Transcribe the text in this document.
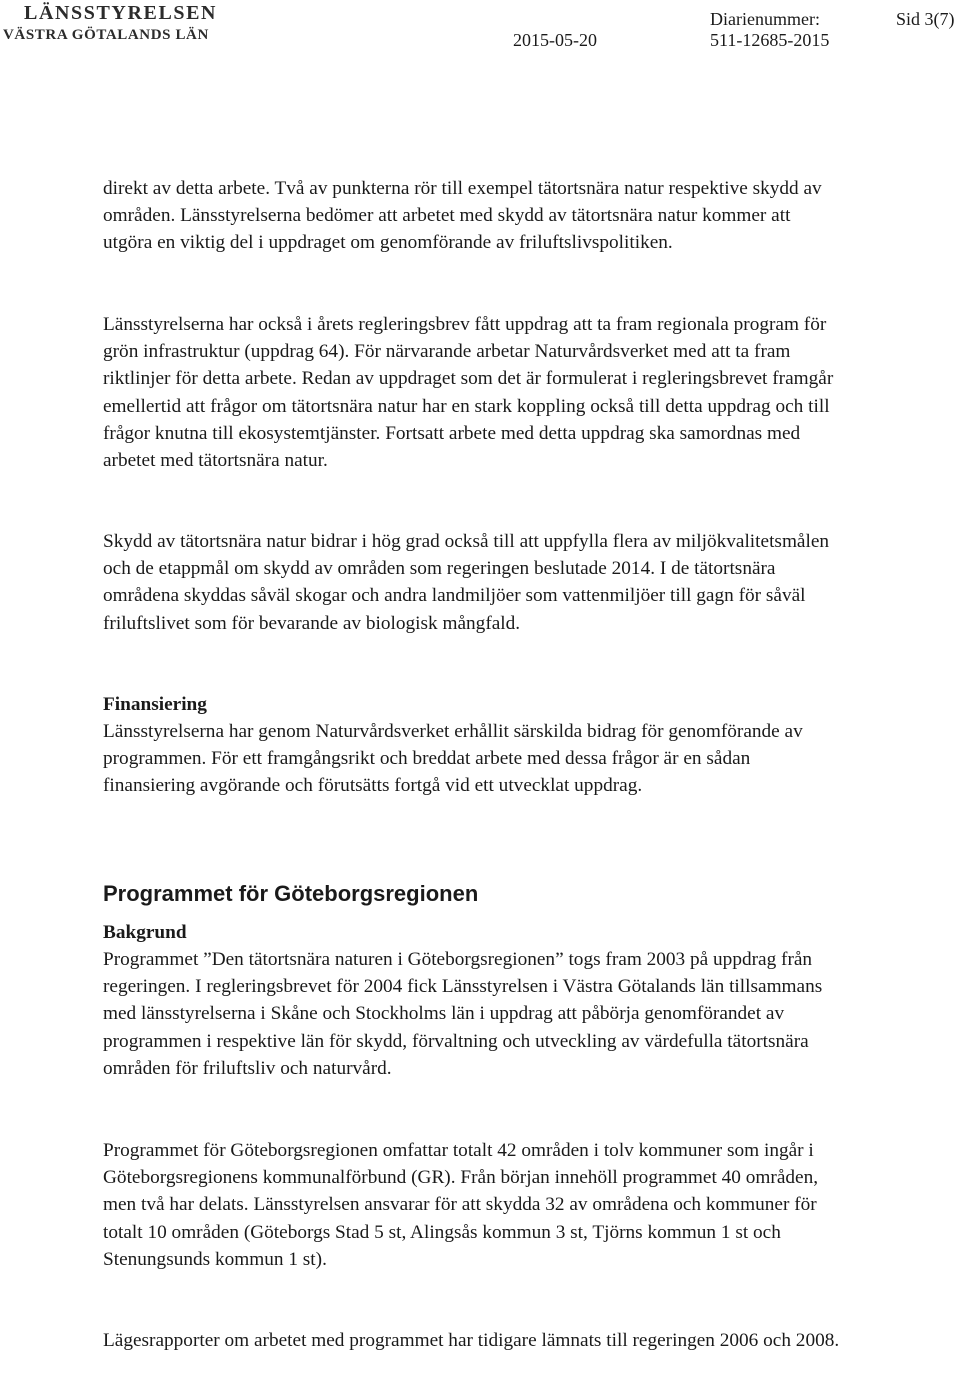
LÄNSSTYRELSEN
VÄSTRA GÖTALANDS LÄN	2015-05-20
Diarienummer:
511-12685-2015
Sid 3(7)

direkt av detta arbete. Två av punkterna rör till exempel tätortsnära natur respektive skydd av områden. Länsstyrelserna bedömer att arbetet med skydd av tätortsnära natur kommer att utgöra en viktig del i uppdraget om genomförande av friluftslivspolitiken.

Länsstyrelserna har också i årets regleringsbrev fått uppdrag att ta fram regionala program för grön infrastruktur (uppdrag 64). För närvarande arbetar Naturvårdsverket med att ta fram riktlinjer för detta arbete. Redan av uppdraget som det är formulerat i regleringsbrevet framgår emellertid att frågor om tätortsnära natur har en stark koppling också till detta uppdrag och till frågor knutna till ekosystemtjänster. Fortsatt arbete med detta uppdrag ska samordnas med arbetet med tätortsnära natur.

Skydd av tätortsnära natur bidrar i hög grad också till att uppfylla flera av miljökvalitetsmålen och de etappmål om skydd av områden som regeringen beslutade 2014. I de tätortsnära områdena skyddas såväl skogar och andra landmiljöer som vattenmiljöer till gagn för såväl friluftslivet som för bevarande av biologisk mångfald.

Finansiering

Länsstyrelserna har genom Naturvårdsverket erhållit särskilda bidrag för genomförande av programmen. För ett framgångsrikt och breddat arbete med dessa frågor är en sådan finansiering avgörande och förutsätts fortgå vid ett utvecklat uppdrag.

Programmet för Göteborgsregionen
Bakgrund

Programmet ”Den tätortsnära naturen i Göteborgsregionen” togs fram 2003 på uppdrag från regeringen. I regleringsbrevet för 2004 fick Länsstyrelsen i Västra Götalands län tillsammans med länsstyrelserna i Skåne och Stockholms län i uppdrag att påbörja genomförandet av programmen i respektive län för skydd, förvaltning och utveckling av värdefulla tätortsnära områden för friluftsliv och naturvård.

Programmet för Göteborgsregionen omfattar totalt 42 områden i tolv kommuner som ingår i Göteborgsregionens kommunalförbund (GR). Från början innehöll programmet 40 områden, men två har delats. Länsstyrelsen ansvarar för att skydda 32 av områdena och kommuner för totalt 10 områden (Göteborgs Stad 5 st, Alingsås kommun 3 st, Tjörns kommun 1 st och Stenungsunds kommun 1 st).

Lägesrapporter om arbetet med programmet har tidigare lämnats till regeringen 2006 och 2008.
